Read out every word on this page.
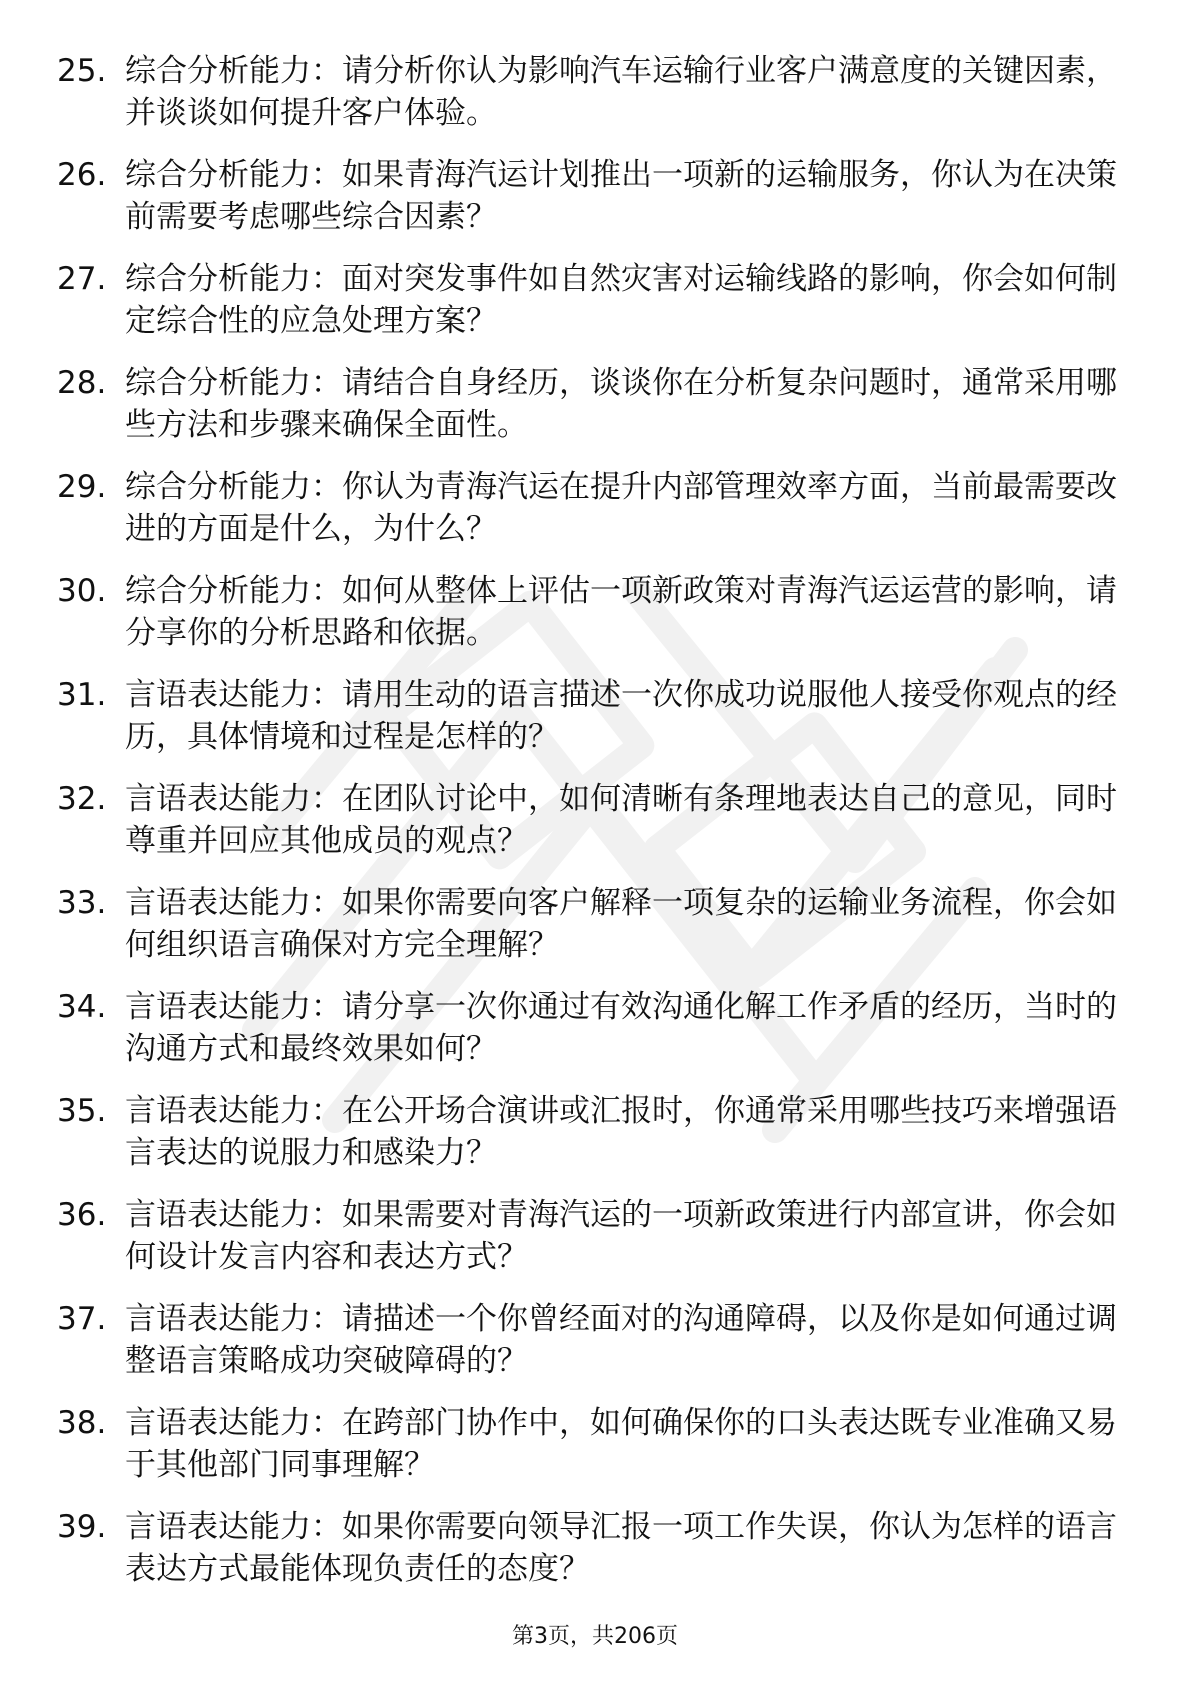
25. 综合分析能力：请分析你认为影响汽车运输行业客户满意度的关键因素，并谈谈如何提升客户体验。
26. 综合分析能力：如果青海汽运计划推出一项新的运输服务，你认为在决策前需要考虑哪些综合因素？
27. 综合分析能力：面对突发事件如自然灾害对运输线路的影响，你会如何制定综合性的应急处理方案？
28. 综合分析能力：请结合自身经历，谈谈你在分析复杂问题时，通常采用哪些方法和步骤来确保全面性。
29. 综合分析能力：你认为青海汽运在提升内部管理效率方面，当前最需要改进的方面是什么，为什么？
30. 综合分析能力：如何从整体上评估一项新政策对青海汽运运营的影响，请分享你的分析思路和依据。
31. 言语表达能力：请用生动的语言描述一次你成功说服他人接受你观点的经历，具体情境和过程是怎样的？
32. 言语表达能力：在团队讨论中，如何清晰有条理地表达自己的意见，同时尊重并回应其他成员的观点？
33. 言语表达能力：如果你需要向客户解释一项复杂的运输业务流程，你会如何组织语言确保对方完全理解？
34. 言语表达能力：请分享一次你通过有效沟通化解工作矛盾的经历，当时的沟通方式和最终效果如何？
35. 言语表达能力：在公开场合演讲或汇报时，你通常采用哪些技巧来增强语言表达的说服力和感染力？
36. 言语表达能力：如果需要对青海汽运的一项新政策进行内部宣讲，你会如何设计发言内容和表达方式？
37. 言语表达能力：请描述一个你曾经面对的沟通障碍，以及你是如何通过调整语言策略成功突破障碍的？
38. 言语表达能力：在跨部门协作中，如何确保你的口头表达既专业准确又易于其他部门同事理解？
39. 言语表达能力：如果你需要向领导汇报一项工作失误，你认为怎样的语言表达方式最能体现负责任的态度？
第3页，共206页
